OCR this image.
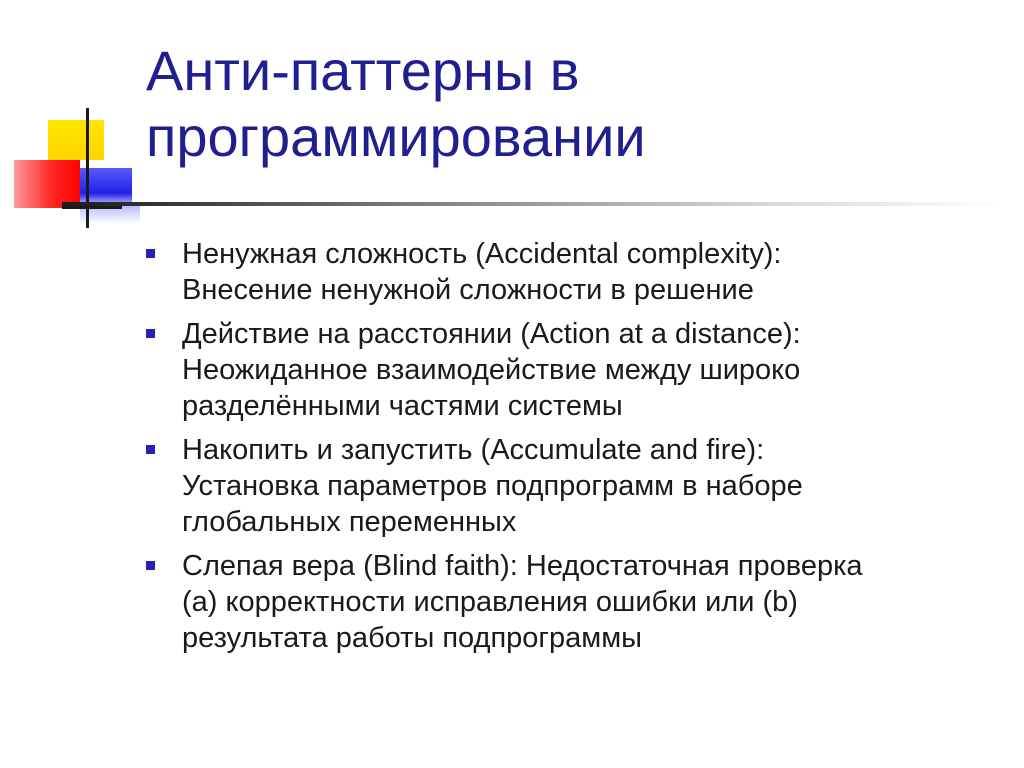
Анти-паттерны в
программировании
Ненужная сложность (Accidental complexity):
Внесение ненужной сложности в решение
Действие на расстоянии (Action at a distance):
Неожиданное взаимодействие между широко
разделёнными частями системы
Накопить и запустить (Accumulate and fire):
Установка параметров подпрограмм в наборе
глобальных переменных
Слепая вера (Blind faith): Недостаточная проверка
(a) корректности исправления ошибки или (b)
результата работы подпрограммы
